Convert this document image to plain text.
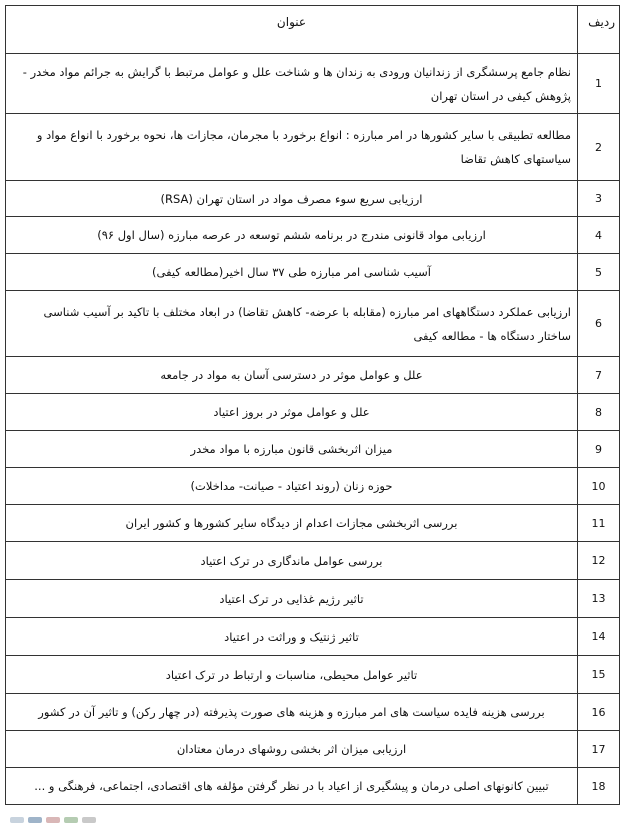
ردیف	عنوان
1	نظام جامع پرسشگری از زندانیان ورودی به زندان ها و شناخت علل و عوامل مرتبط با گرایش به جرائم مواد مخدر - پژوهش کیفی در استان تهران
2	مطالعه تطبیقی با سایر کشورها در امر مبارزه : انواع برخورد با مجرمان، مجازات ها، نحوه برخورد با انواع مواد و سیاستهای کاهش تقاضا
3	ارزیابی سریع سوء مصرف مواد در استان تهران (RSA)
4	ارزیابی مواد قانونی مندرج در برنامه ششم توسعه در عرصه مبارزه (سال اول ۹۶)
5	آسیب شناسی امر مبارزه طی ۳۷ سال اخیر(مطالعه کیفی)
6	ارزیابی عملکرد دستگاههای امر مبارزه (مقابله با عرضه- کاهش تقاضا) در ابعاد مختلف با تاکید بر آسیب شناسی ساختار دستگاه ها - مطالعه کیفی
7	علل و عوامل موثر در دسترسی آسان به مواد در جامعه
8	علل و عوامل موثر در بروز اعتیاد
9	میزان اثربخشی قانون مبارزه با مواد مخدر
10	حوزه زنان (روند اعتیاد - صیانت- مداخلات)
11	بررسی اثربخشی مجازات اعدام از دیدگاه سایر کشورها و کشور ایران
12	بررسی عوامل ماندگاری در ترک اعتیاد
13	تاثیر رژیم غذایی در ترک اعتیاد
14	تاثیر ژنتیک و وراثت در اعتیاد
15	تاثیر عوامل محیطی، مناسبات و ارتباط در ترک اعتیاد
16	بررسی هزینه فایده سیاست های امر مبارزه و هزینه های صورت پذیرفته (در چهار رکن) و تاثیر آن در کشور
17	ارزیابی میزان اثر بخشی روشهای درمان معتادان
18	تبیین کانونهای اصلی درمان و پیشگیری از اعیاد با در نظر گرفتن مؤلفه های اقتصادی، اجتماعی، فرهنگی و ...
